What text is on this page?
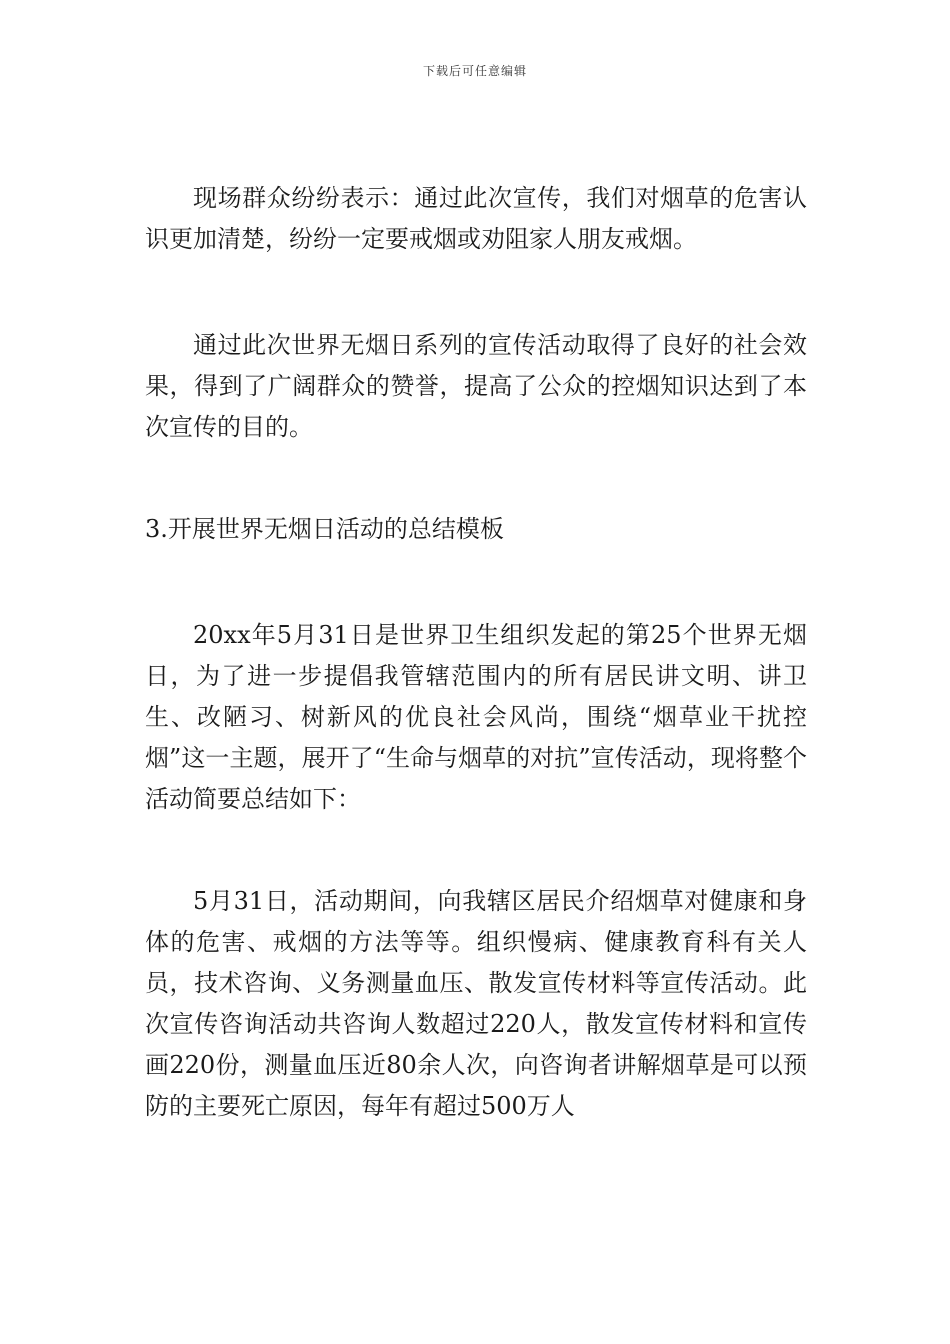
下载后可任意编辑

现场群众纷纷表示：通过此次宣传，我们对烟草的危害认识更加清楚，纷纷一定要戒烟或劝阻家人朋友戒烟。

通过此次世界无烟日系列的宣传活动取得了良好的社会效果，得到了广阔群众的赞誉，提高了公众的控烟知识达到了本次宣传的目的。

3.开展世界无烟日活动的总结模板

20xx年5月31日是世界卫生组织发起的第25个世界无烟日，为了进一步提倡我管辖范围内的所有居民讲文明、讲卫生、改陋习、树新风的优良社会风尚，围绕“烟草业干扰控烟”这一主题，展开了“生命与烟草的对抗”宣传活动，现将整个活动简要总结如下：

5月31日，活动期间，向我辖区居民介绍烟草对健康和身体的危害、戒烟的方法等等。组织慢病、健康教育科有关人员，技术咨询、义务测量血压、散发宣传材料等宣传活动。此次宣传咨询活动共咨询人数超过220人，散发宣传材料和宣传画220份，测量血压近80余人次，向咨询者讲解烟草是可以预防的主要死亡原因，每年有超过500万人
